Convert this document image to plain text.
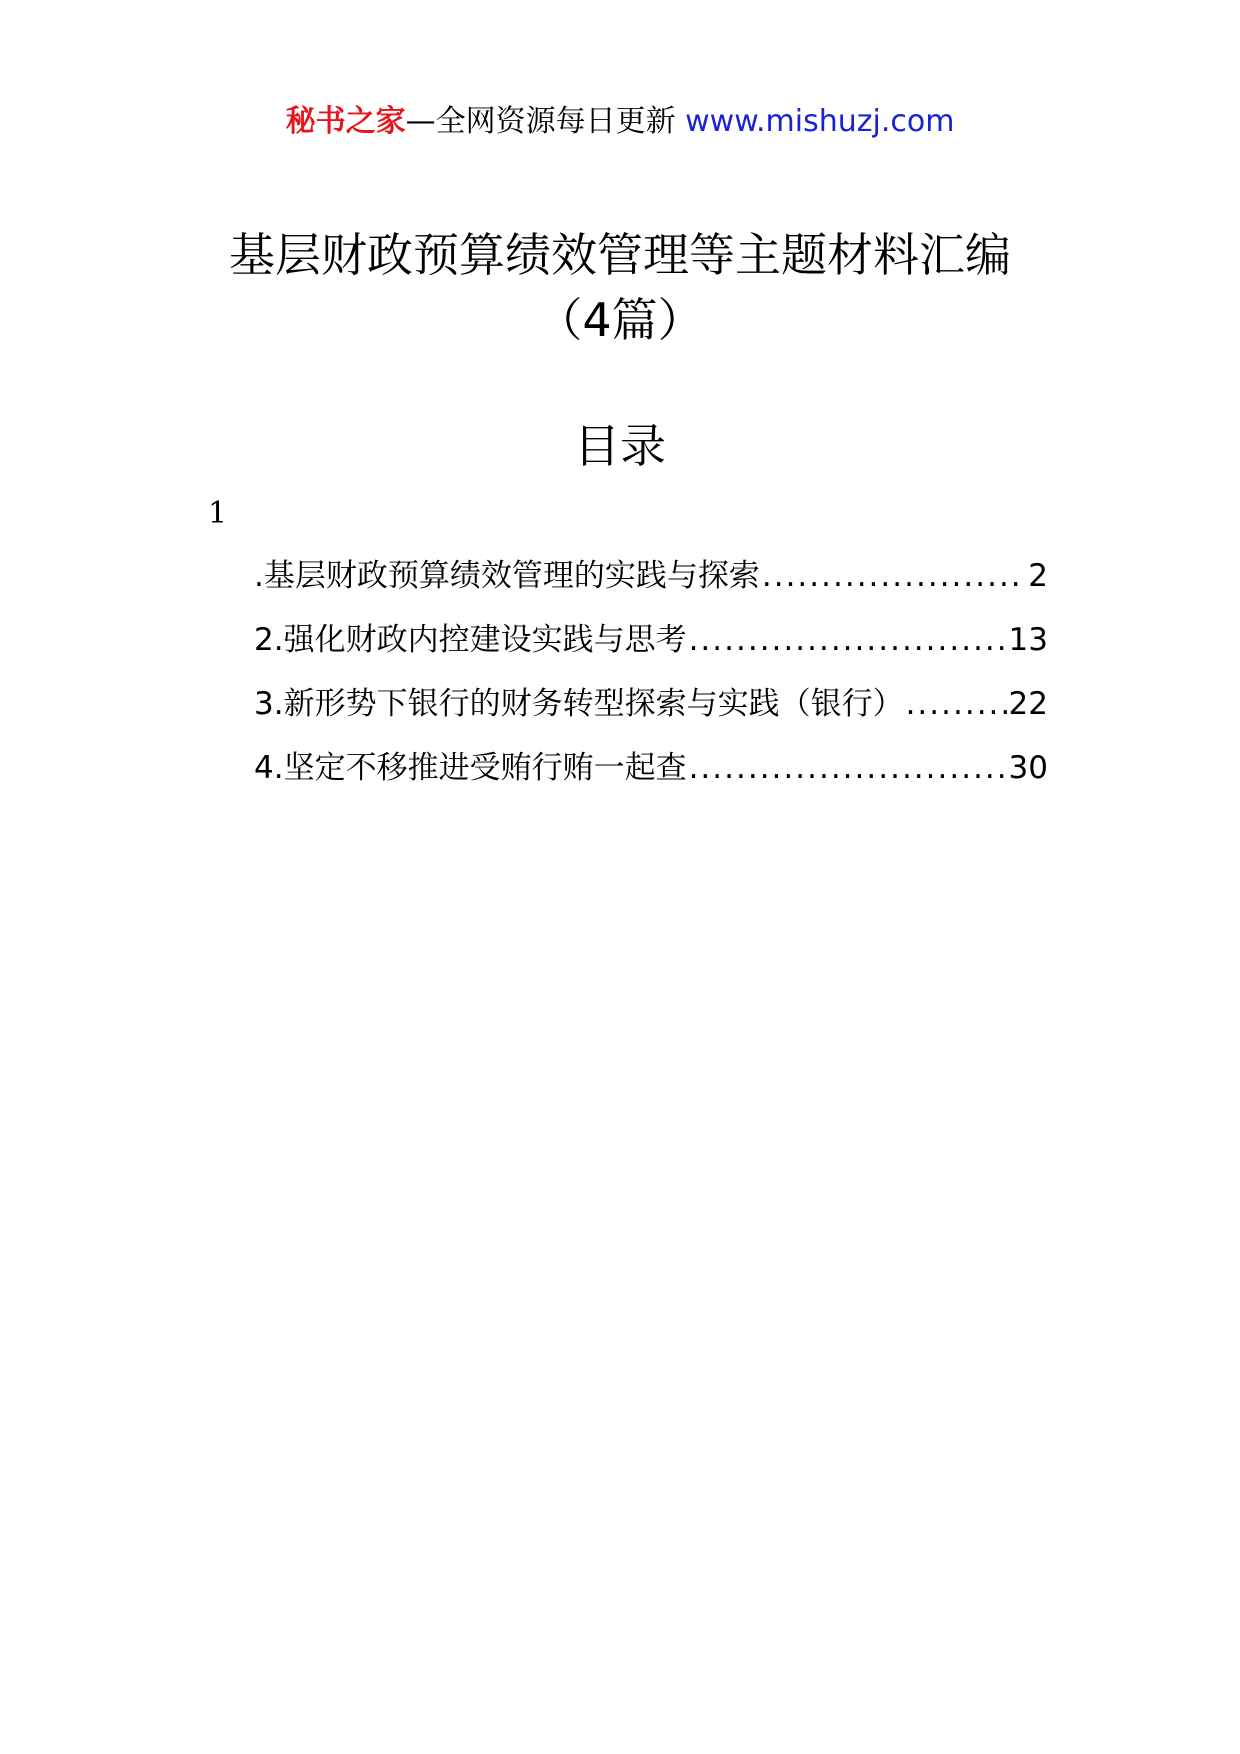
秘书之家—全网资源每日更新 www.mishuzj.com
基层财政预算绩效管理等主题材料汇编
（4篇）
目录
1
.基层财政预算绩效管理的实践与探索 .....	2
2.强化财政内控建设实践与思考 .....	13
3.新形势下银行的财务转型探索与实践（银行） .....	22
4.坚定不移推进受贿行贿一起查 .....	30
